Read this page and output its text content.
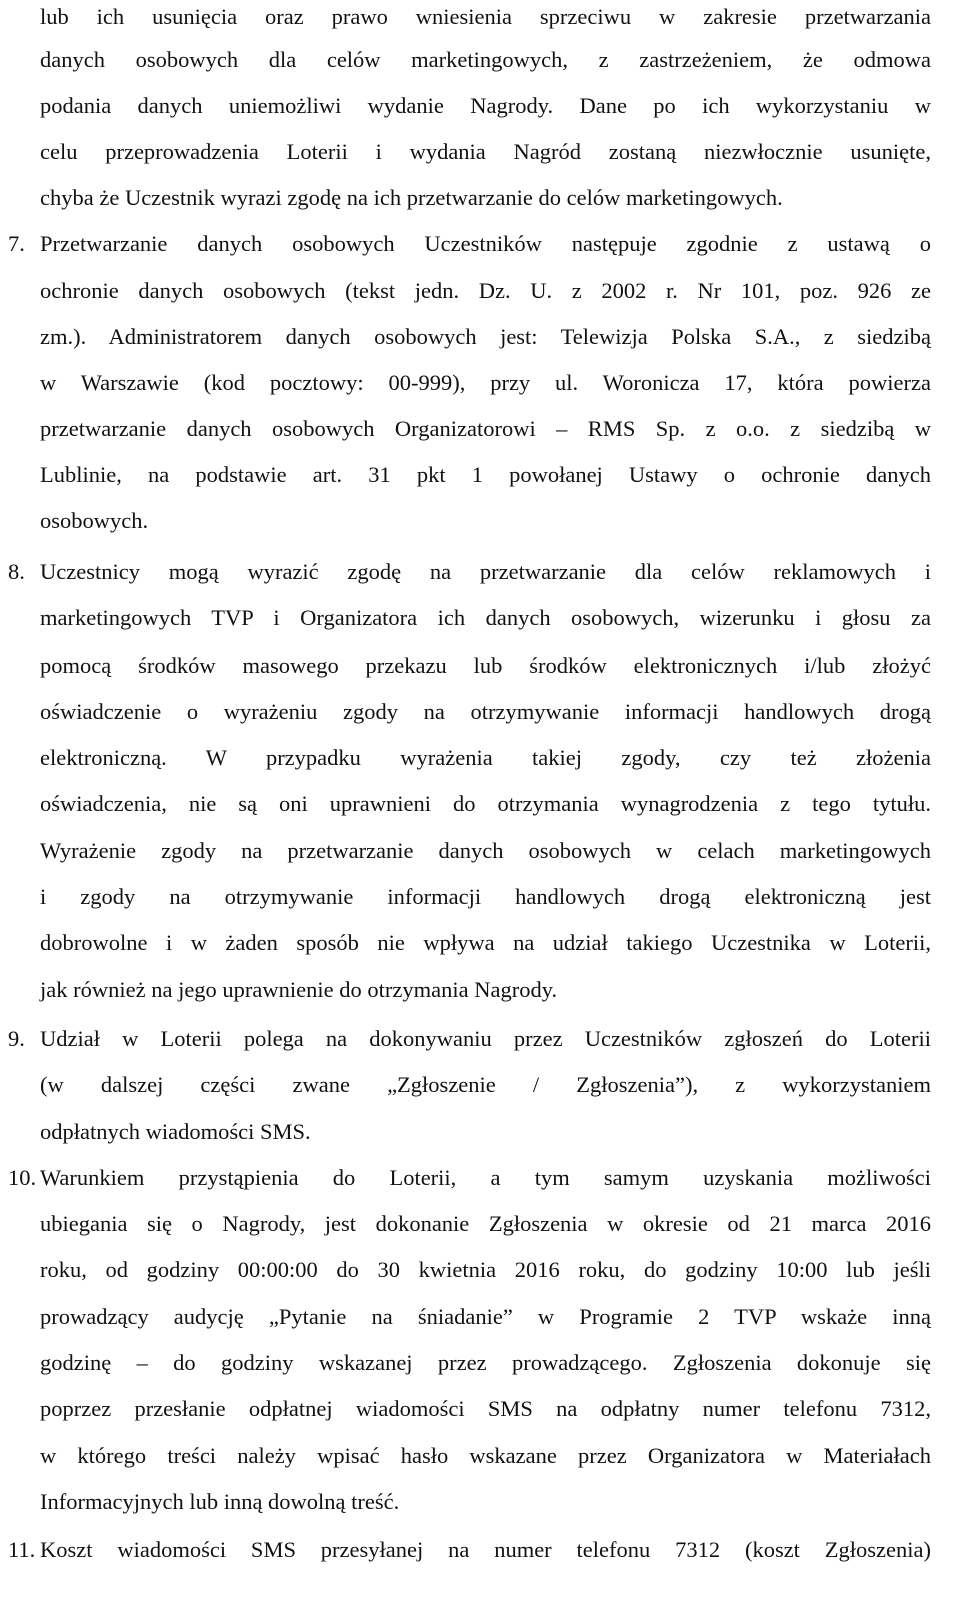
lub ich usunięcia oraz prawo wniesienia sprzeciwu w zakresie przetwarzania
danych osobowych dla celów marketingowych, z zastrzeżeniem, że odmowa
podania danych uniemożliwi wydanie Nagrody. Dane po ich wykorzystaniu w
celu przeprowadzenia Loterii i wydania Nagród zostaną niezwłocznie usunięte,
chyba że Uczestnik wyrazi zgodę na ich przetwarzanie do celów marketingowych.
7. Przetwarzanie danych osobowych Uczestników następuje zgodnie z ustawą o
ochronie danych osobowych (tekst jedn. Dz. U. z 2002 r. Nr 101, poz. 926 ze
zm.). Administratorem danych osobowych jest: Telewizja Polska S.A., z siedzibą
w Warszawie (kod pocztowy: 00-999), przy ul. Woronicza 17, która powierza
przetwarzanie danych osobowych Organizatorowi – RMS Sp. z o.o. z siedzibą w
Lublinie, na podstawie art. 31 pkt 1 powołanej Ustawy o ochronie danych
osobowych.
8. Uczestnicy mogą wyrazić zgodę na przetwarzanie dla celów reklamowych i
marketingowych TVP i Organizatora ich danych osobowych, wizerunku i głosu za
pomocą środków masowego przekazu lub środków elektronicznych i/lub złożyć
oświadczenie o wyrażeniu zgody na otrzymywanie informacji handlowych drogą
elektroniczną. W przypadku wyrażenia takiej zgody, czy też złożenia
oświadczenia, nie są oni uprawnieni do otrzymania wynagrodzenia z tego tytułu.
Wyrażenie zgody na przetwarzanie danych osobowych w celach marketingowych
i zgody na otrzymywanie informacji handlowych drogą elektroniczną jest
dobrowolne i w żaden sposób nie wpływa na udział takiego Uczestnika w Loterii,
jak również na jego uprawnienie do otrzymania Nagrody.
9. Udział w Loterii polega na dokonywaniu przez Uczestników zgłoszeń do Loterii
(w dalszej części zwane „Zgłoszenie / Zgłoszenia”), z wykorzystaniem
odpłatnych wiadomości SMS.
10. Warunkiem przystąpienia do Loterii, a tym samym uzyskania możliwości
ubiegania się o Nagrody, jest dokonanie Zgłoszenia w okresie od 21 marca 2016
roku, od godziny 00:00:00 do 30 kwietnia 2016 roku, do godziny 10:00 lub jeśli
prowadzący audycję „Pytanie na śniadanie” w Programie 2 TVP wskaże inną
godzinę – do godziny wskazanej przez prowadzącego. Zgłoszenia dokonuje się
poprzez przesłanie odpłatnej wiadomości SMS na odpłatny numer telefonu 7312,
w którego treści należy wpisać hasło wskazane przez Organizatora w Materiałach
Informacyjnych lub inną dowolną treść.
11. Koszt wiadomości SMS przesyłanej na numer telefonu 7312 (koszt Zgłoszenia)
